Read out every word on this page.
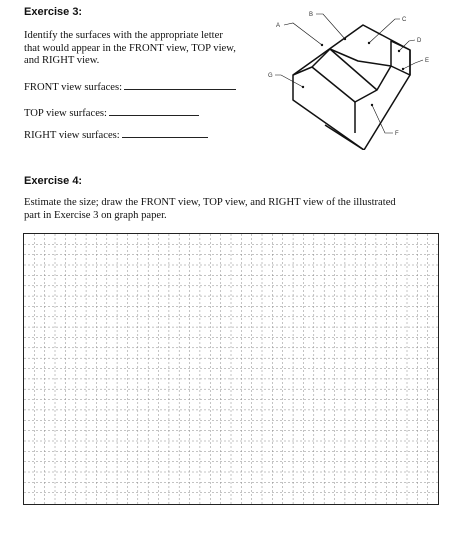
Exercise 3:
Identify the surfaces with the appropriate letter
that would appear in the FRONT view, TOP view,
and RIGHT view.
FRONT view surfaces:
TOP view surfaces:
RIGHT view surfaces:
A
B
C
D
E
F
G
Exercise 4:
Estimate the size; draw the FRONT view, TOP view, and RIGHT view of the illustrated
part in Exercise 3 on graph paper.
